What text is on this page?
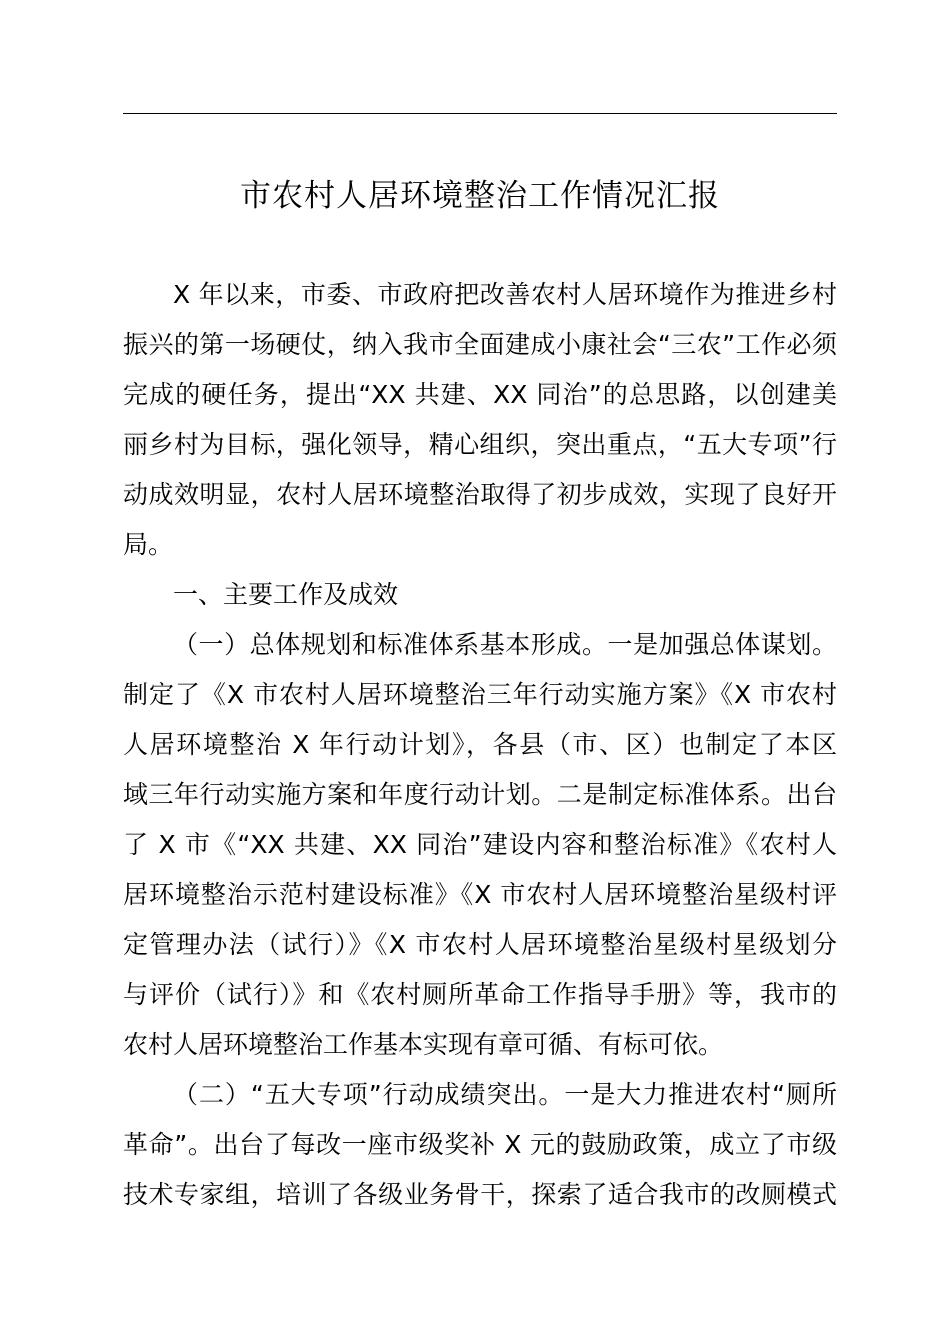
市农村人居环境整治工作情况汇报
X 年以来，市委、市政府把改善农村人居环境作为推进乡村
振兴的第一场硬仗，纳入我市全面建成小康社会“三农”工作必须
完成的硬任务，提出“XX 共建、XX 同治”的总思路，以创建美
丽乡村为目标，强化领导，精心组织，突出重点，“五大专项”行
动成效明显，农村人居环境整治取得了初步成效，实现了良好开
局。
一、主要工作及成效
（一）总体规划和标准体系基本形成。一是加强总体谋划。
制定了《X 市农村人居环境整治三年行动实施方案》《X 市农村
人居环境整治 X 年行动计划》，各县（市、区）也制定了本区
域三年行动实施方案和年度行动计划。二是制定标准体系。出台
了 X 市《“XX 共建、XX 同治”建设内容和整治标准》《农村人
居环境整治示范村建设标准》《X 市农村人居环境整治星级村评
定管理办法（试行）》《X 市农村人居环境整治星级村星级划分
与评价（试行）》和《农村厕所革命工作指导手册》等，我市的
农村人居环境整治工作基本实现有章可循、有标可依。
（二）“五大专项”行动成绩突出。一是大力推进农村“厕所
革命”。出台了每改一座市级奖补 X 元的鼓励政策，成立了市级
技术专家组，培训了各级业务骨干，探索了适合我市的改厕模式
